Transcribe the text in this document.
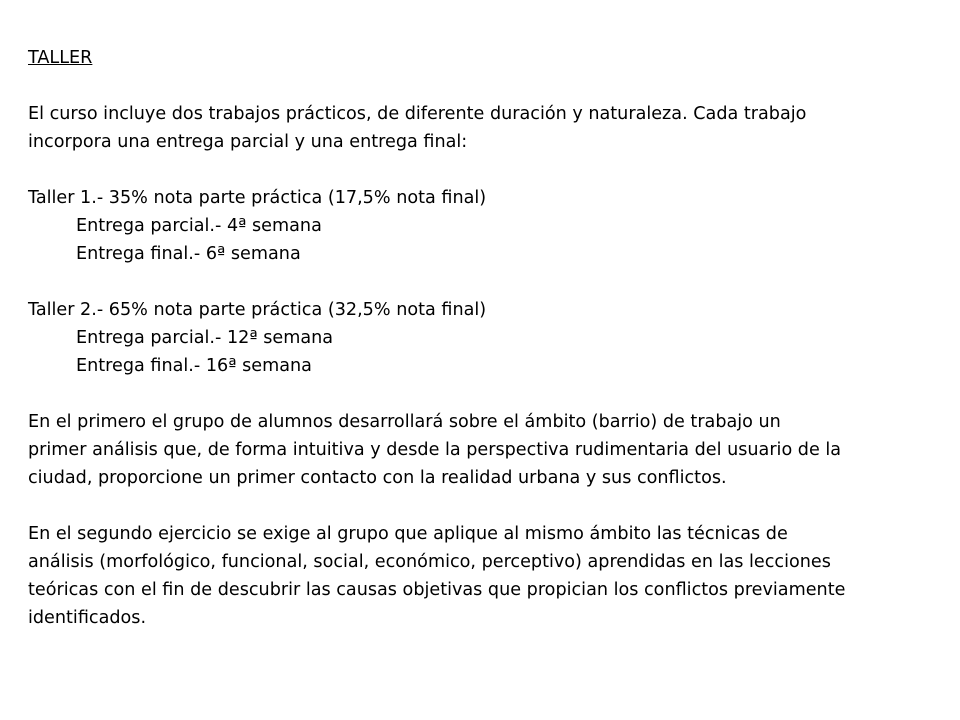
TALLER
El curso incluye dos trabajos prácticos, de diferente duración y naturaleza. Cada trabajo
incorpora una entrega parcial y una entrega final:
Taller 1.- 35% nota parte práctica (17,5% nota final)
Entrega parcial.- 4ª semana
Entrega final.- 6ª semana
Taller 2.- 65% nota parte práctica (32,5% nota final)
Entrega parcial.- 12ª semana
Entrega final.- 16ª semana
En el primero el grupo de alumnos desarrollará sobre el ámbito (barrio) de trabajo un
primer análisis que, de forma intuitiva y desde la perspectiva rudimentaria del usuario de la
ciudad, proporcione un primer contacto con la realidad urbana y sus conflictos.
En el segundo ejercicio se exige al grupo que aplique al mismo ámbito las técnicas de
análisis (morfológico, funcional, social, económico, perceptivo) aprendidas en las lecciones
teóricas con el fin de descubrir las causas objetivas que propician los conflictos previamente
identificados.
